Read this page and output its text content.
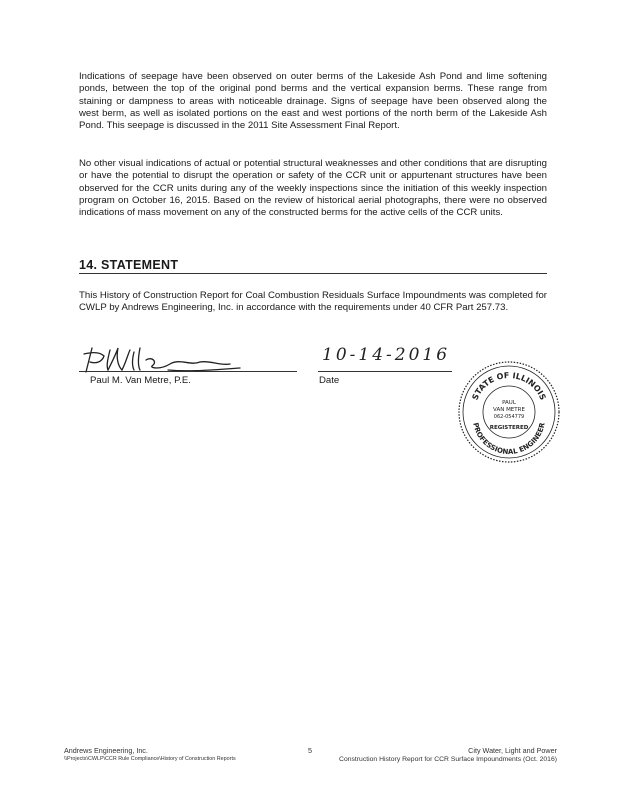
Indications of seepage have been observed on outer berms of the Lakeside Ash Pond and lime softening ponds, between the top of the original pond berms and the vertical expansion berms. These range from staining or dampness to areas with noticeable drainage. Signs of seepage have been observed along the west berm, as well as isolated portions on the east and west portions of the north berm of the Lakeside Ash Pond. This seepage is discussed in the 2011 Site Assessment Final Report.

No other visual indications of actual or potential structural weaknesses and other conditions that are disrupting or have the potential to disrupt the operation or safety of the CCR unit or appurtenant structures have been observed for the CCR units during any of the weekly inspections since the initiation of this weekly inspection program on October 16, 2015. Based on the review of historical aerial photographs, there were no observed indications of mass movement on any of the constructed berms for the active cells of the CCR units.

14. STATEMENT

This History of Construction Report for Coal Combustion Residuals Surface Impoundments was completed for CWLP by Andrews Engineering, Inc. in accordance with the requirements under 40 CFR Part 257.73.

Paul M. Van Metre, P.E.
10-14-2016
Date
STATE OF ILLINOIS
PROFESSIONAL ENGINEER
PAUL
VAN METRE
062-054779
REGISTERED
Andrews Engineering, Inc.
\\Projects\CWLP\CCR Rule Compliance\History of Construction Reports
5	City Water, Light and Power
Construction History Report for CCR Surface Impoundments (Oct. 2016)
